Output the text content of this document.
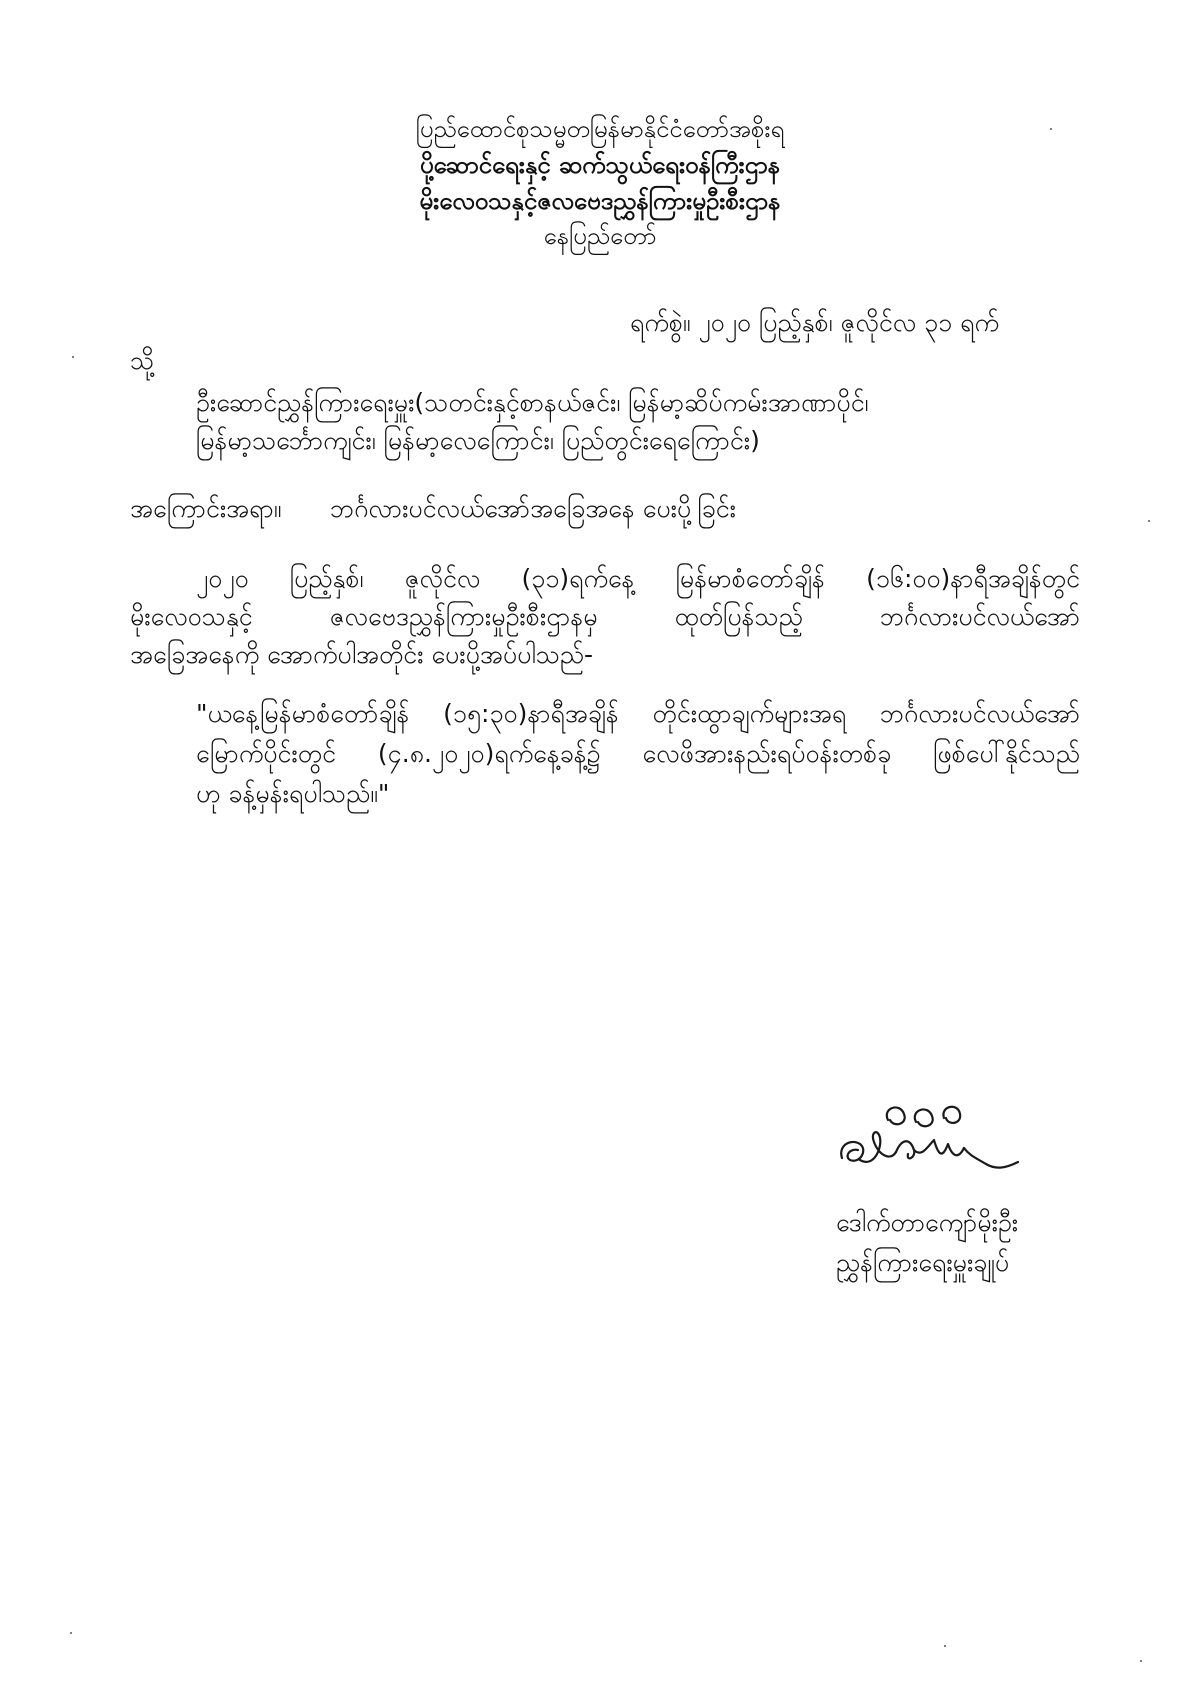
ပြည်ထောင်စုသမ္မတမြန်မာနိုင်ငံတော်အစိုးရ
ပို့ဆောင်ရေးနှင့် ဆက်သွယ်ရေးဝန်ကြီးဌာန
မိုးလေဝသနှင့်ဇလဗေဒညွှန်ကြားမှုဦးစီးဌာန
နေပြည်တော်
ရက်စွဲ။ ၂၀၂၀ ပြည့်နှစ်၊ ဇူလိုင်လ ၃၁ ရက်
သို့
ဦးဆောင်ညွှန်ကြားရေးမှူး(သတင်းနှင့်စာနယ်ဇင်း၊ မြန်မာ့ဆိပ်ကမ်းအာဏာပိုင်၊
မြန်မာ့သင်္ဘောကျင်း၊ မြန်မာ့လေကြောင်း၊ ပြည်တွင်းရေကြောင်း)
အကြောင်းအရာ။ ဘင်္ဂလားပင်လယ်အော်အခြေအနေ ပေးပို့ခြင်း
၂၀၂၀ ပြည့်နှစ်၊ ဇူလိုင်လ (၃၁)ရက်နေ့ မြန်မာစံတော်ချိန် (၁၆:၀၀)နာရီအချိန်တွင်
မိုးလေဝသနှင့် ဇလဗေဒညွှန်ကြားမှုဦးစီးဌာနမှ ထုတ်ပြန်သည့် ဘင်္ဂလားပင်လယ်အော်
အခြေအနေကို အောက်ပါအတိုင်း ပေးပို့အပ်ပါသည်-
"ယနေ့မြန်မာစံတော်ချိန် (၁၅:၃၀)နာရီအချိန် တိုင်းထွာချက်များအရ ဘင်္ဂလားပင်လယ်အော်
မြောက်ပိုင်းတွင် (၄.၈.၂၀၂၀)ရက်နေ့ခန့်၌ လေဖိအားနည်းရပ်ဝန်းတစ်ခု ဖြစ်ပေါ်နိုင်သည်
ဟု ခန့်မှန်းရပါသည်။"
ဒေါက်တာကျော်မိုးဦး
ညွှန်ကြားရေးမှူးချုပ်
